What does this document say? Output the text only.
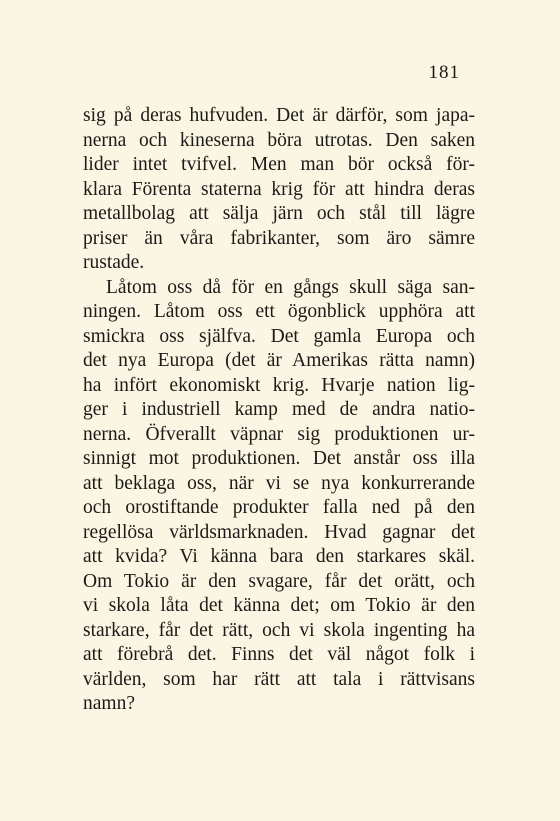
181
sig på deras hufvuden. Det är därför, som japa-
nerna och kineserna böra utrotas. Den saken
lider intet tvifvel. Men man bör också för-
klara Förenta staterna krig för att hindra deras
metallbolag att sälja järn och stål till lägre
priser än våra fabrikanter, som äro sämre
rustade.
Låtom oss då för en gångs skull säga san-
ningen. Låtom oss ett ögonblick upphöra att
smickra oss själfva. Det gamla Europa och
det nya Europa (det är Amerikas rätta namn)
ha infört ekonomiskt krig. Hvarje nation lig-
ger i industriell kamp med de andra natio-
nerna. Öfverallt väpnar sig produktionen ur-
sinnigt mot produktionen. Det anstår oss illa
att beklaga oss, när vi se nya konkurrerande
och orostiftande produkter falla ned på den
regellösa världsmarknaden. Hvad gagnar det
att kvida? Vi känna bara den starkares skäl.
Om Tokio är den svagare, får det orätt, och
vi skola låta det känna det; om Tokio är den
starkare, får det rätt, och vi skola ingenting ha
att förebrå det. Finns det väl något folk i
världen, som har rätt att tala i rättvisans
namn?
